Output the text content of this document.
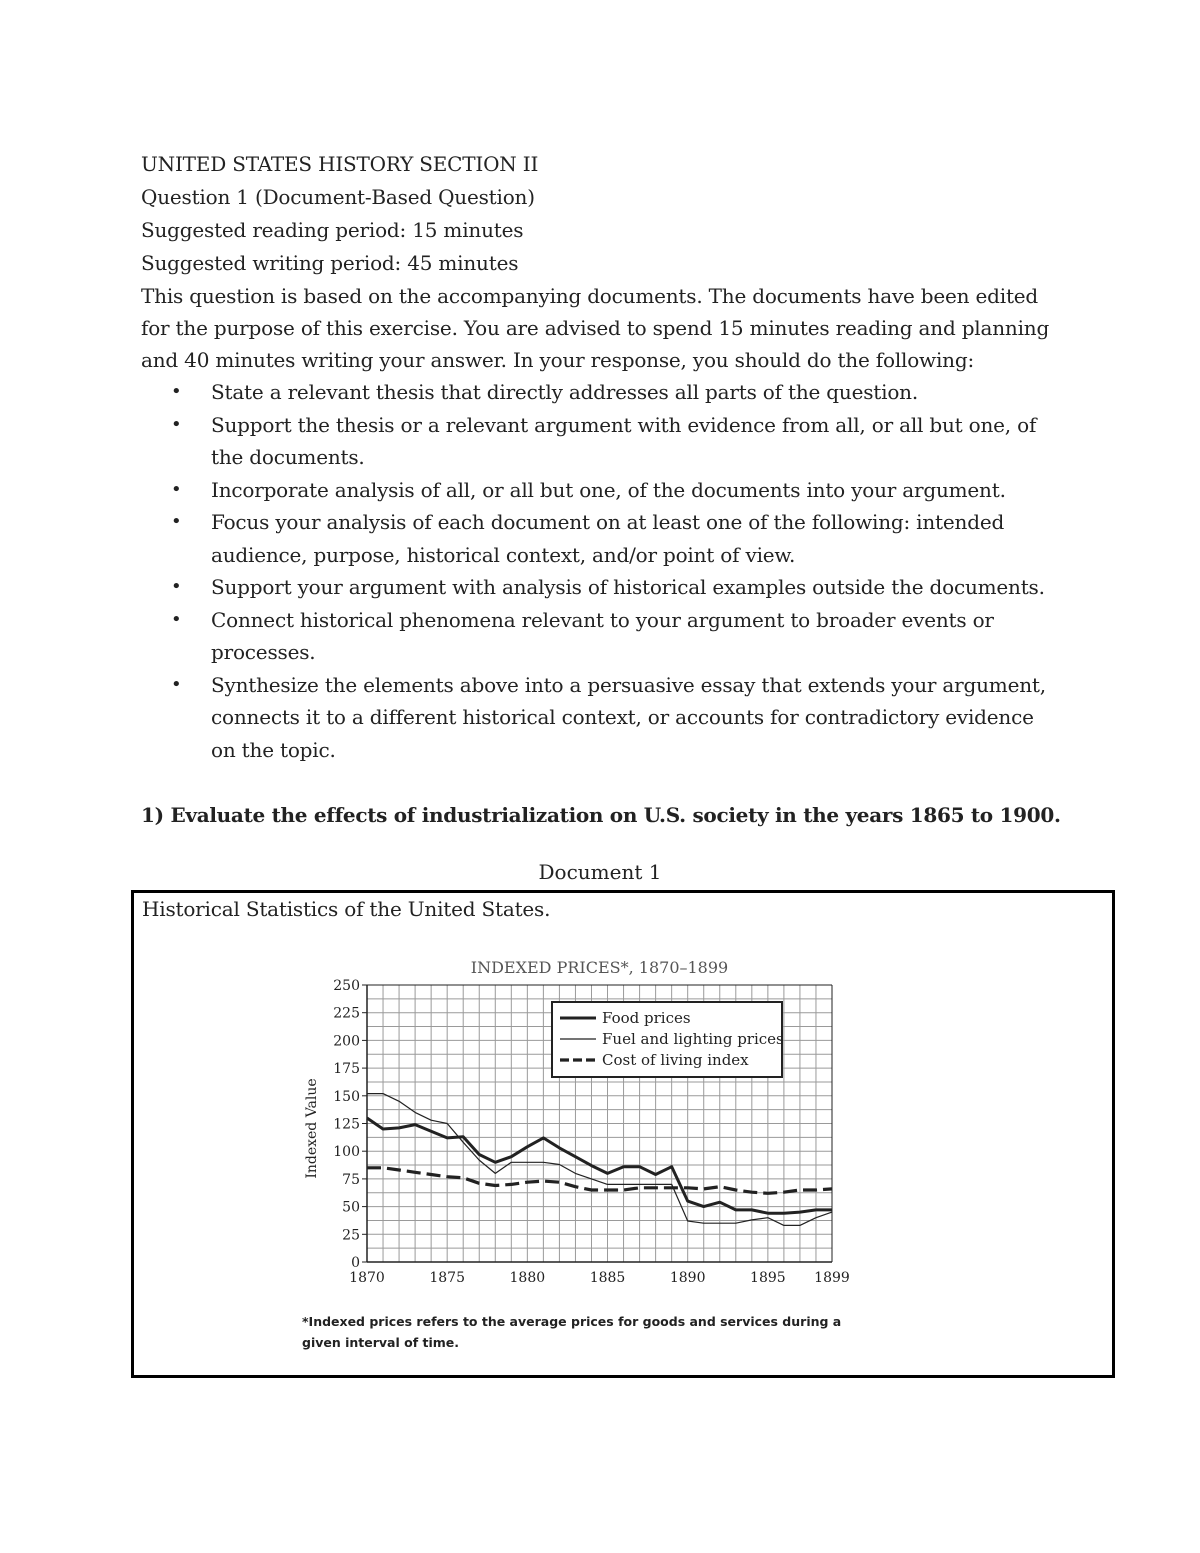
UNITED STATES HISTORY SECTION II
Question 1 (Document-Based Question)
Suggested reading period: 15 minutes
Suggested writing period: 45 minutes

This question is based on the accompanying documents. The documents have been edited for the purpose of this exercise. You are advised to spend 15 minutes reading and planning and 40 minutes writing your answer. In your response, you should do the following:

• State a relevant thesis that directly addresses all parts of the question.
• Support the thesis or a relevant argument with evidence from all, or all but one, of the documents.
• Incorporate analysis of all, or all but one, of the documents into your argument.
• Focus your analysis of each document on at least one of the following: intended audience, purpose, historical context, and/or point of view.
• Support your argument with analysis of historical examples outside the documents.
• Connect historical phenomena relevant to your argument to broader events or processes.
• Synthesize the elements above into a persuasive essay that extends your argument, connects it to a different historical context, or accounts for contradictory evidence on the topic.
1) Evaluate the effects of industrialization on U.S. society in the years 1865 to 1900.
Document 1
Historical Statistics of the United States.
INDEXED PRICES*, 1870–1899
0
25
50
75
100
125
150
175
200
225
250
1870	1875	1880	1885	1890	1895 1899
Indexed Value
Food prices
Fuel and lighting prices
Cost of living index
*Indexed prices refers to the average prices for goods and services during a
given interval of time.
